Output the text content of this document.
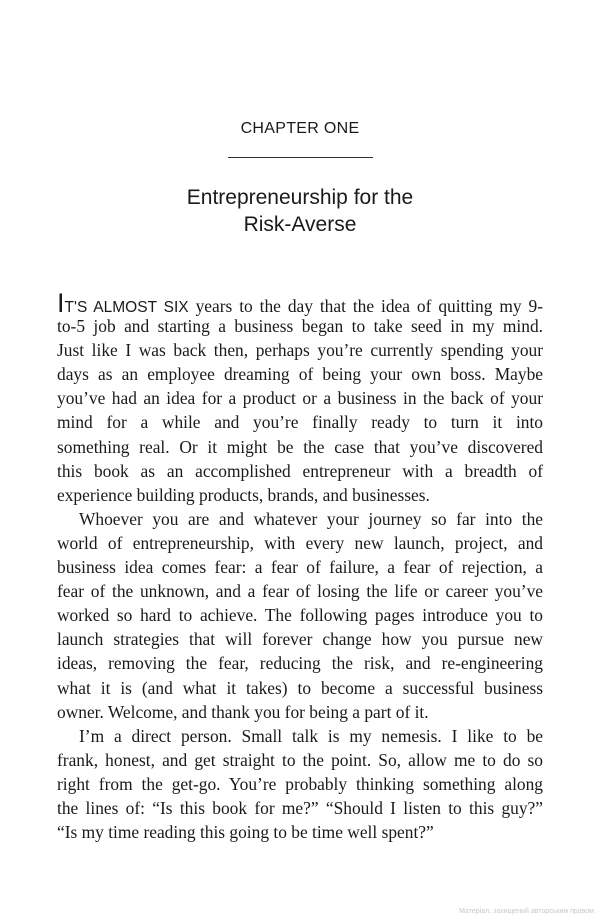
CHAPTER ONE
Entrepreneurship for the
Risk-Averse
IT'S ALMOST SIX years to the day that the idea of quitting my 9-
to-5 job and starting a business began to take seed in my mind.
Just like I was back then, perhaps you’re currently spending your
days as an employee dreaming of being your own boss. Maybe
you’ve had an idea for a product or a business in the back of your
mind for a while and you’re finally ready to turn it into
something real. Or it might be the case that you’ve discovered
this book as an accomplished entrepreneur with a breadth of
experience building products, brands, and businesses.
Whoever you are and whatever your journey so far into the
world of entrepreneurship, with every new launch, project, and
business idea comes fear: a fear of failure, a fear of rejection, a
fear of the unknown, and a fear of losing the life or career you’ve
worked so hard to achieve. The following pages introduce you to
launch strategies that will forever change how you pursue new
ideas, removing the fear, reducing the risk, and re-engineering
what it is (and what it takes) to become a successful business
owner. Welcome, and thank you for being a part of it.
I’m a direct person. Small talk is my nemesis. I like to be
frank, honest, and get straight to the point. So, allow me to do so
right from the get-go. You’re probably thinking something along
the lines of: “Is this book for me?” “Should I listen to this guy?”
“Is my time reading this going to be time well spent?”
Матеріал, захищений авторським правом
